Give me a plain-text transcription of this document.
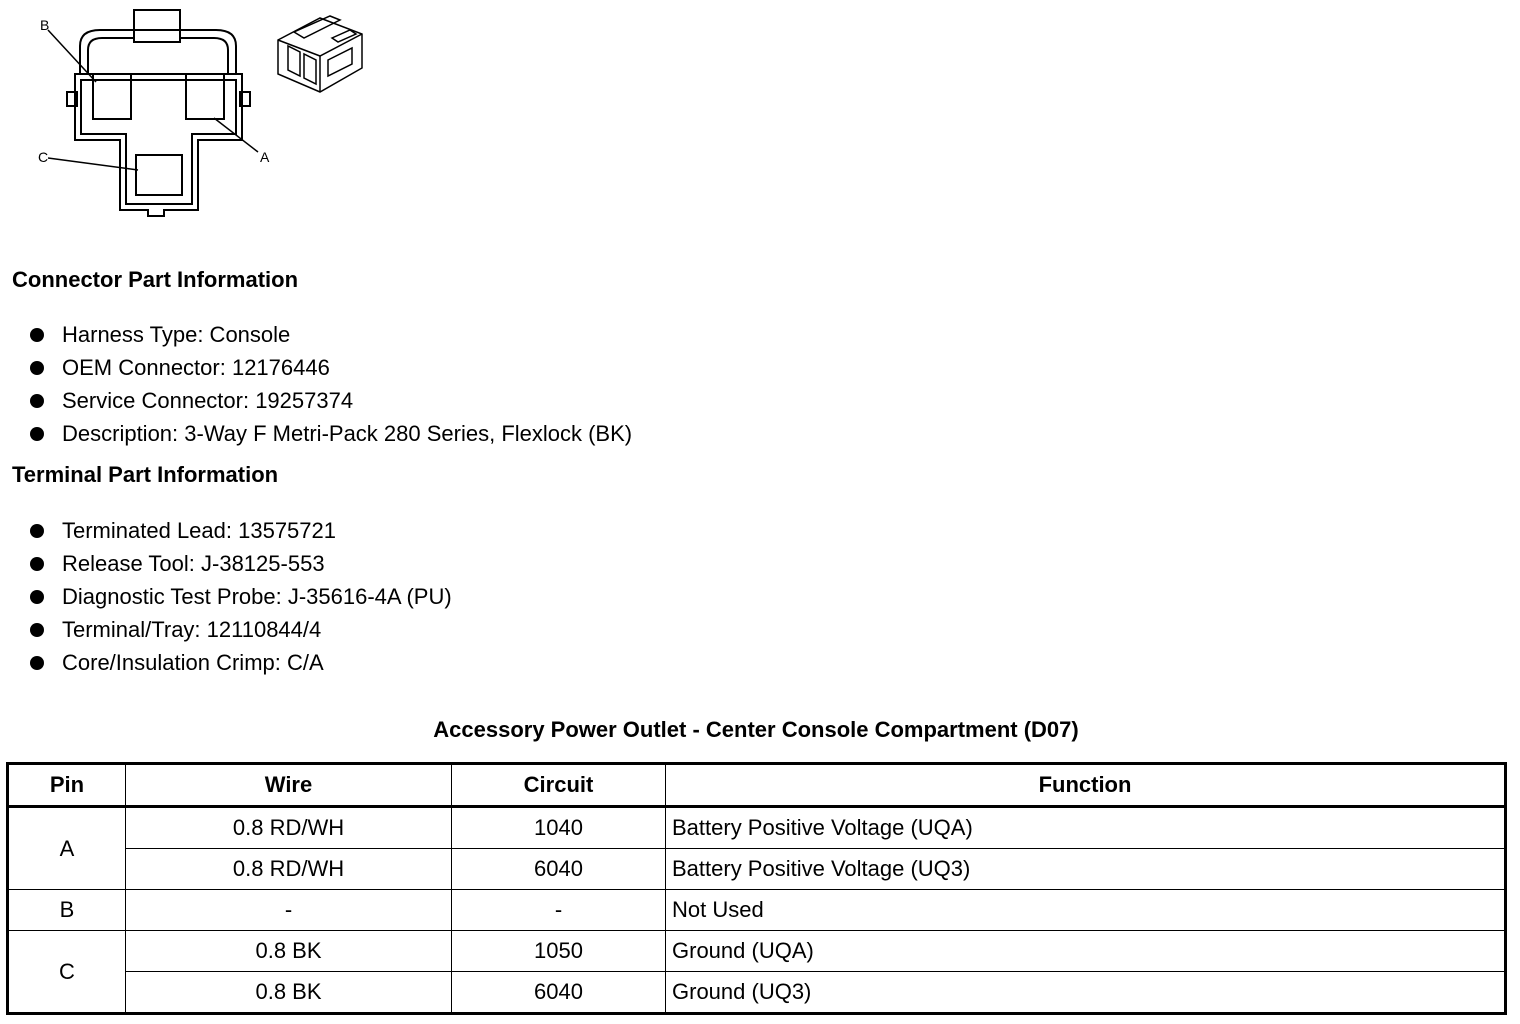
B
A
C
Connector Part Information
Harness Type: Console
OEM Connector: 12176446
Service Connector: 19257374
Description: 3-Way F Metri-Pack 280 Series, Flexlock (BK)
Terminal Part Information
Terminated Lead: 13575721
Release Tool: J-38125-553
Diagnostic Test Probe: J-35616-4A (PU)
Terminal/Tray: 12110844/4
Core/Insulation Crimp: C/A
Accessory Power Outlet - Center Console Compartment (D07)
Pin	Wire	Circuit	Function
A	0.8 RD/WH	1040	Battery Positive Voltage (UQA)
	0.8 RD/WH	6040	Battery Positive Voltage (UQ3)
B	-	-	Not Used
C	0.8 BK	1050	Ground (UQA)
	0.8 BK	6040	Ground (UQ3)
